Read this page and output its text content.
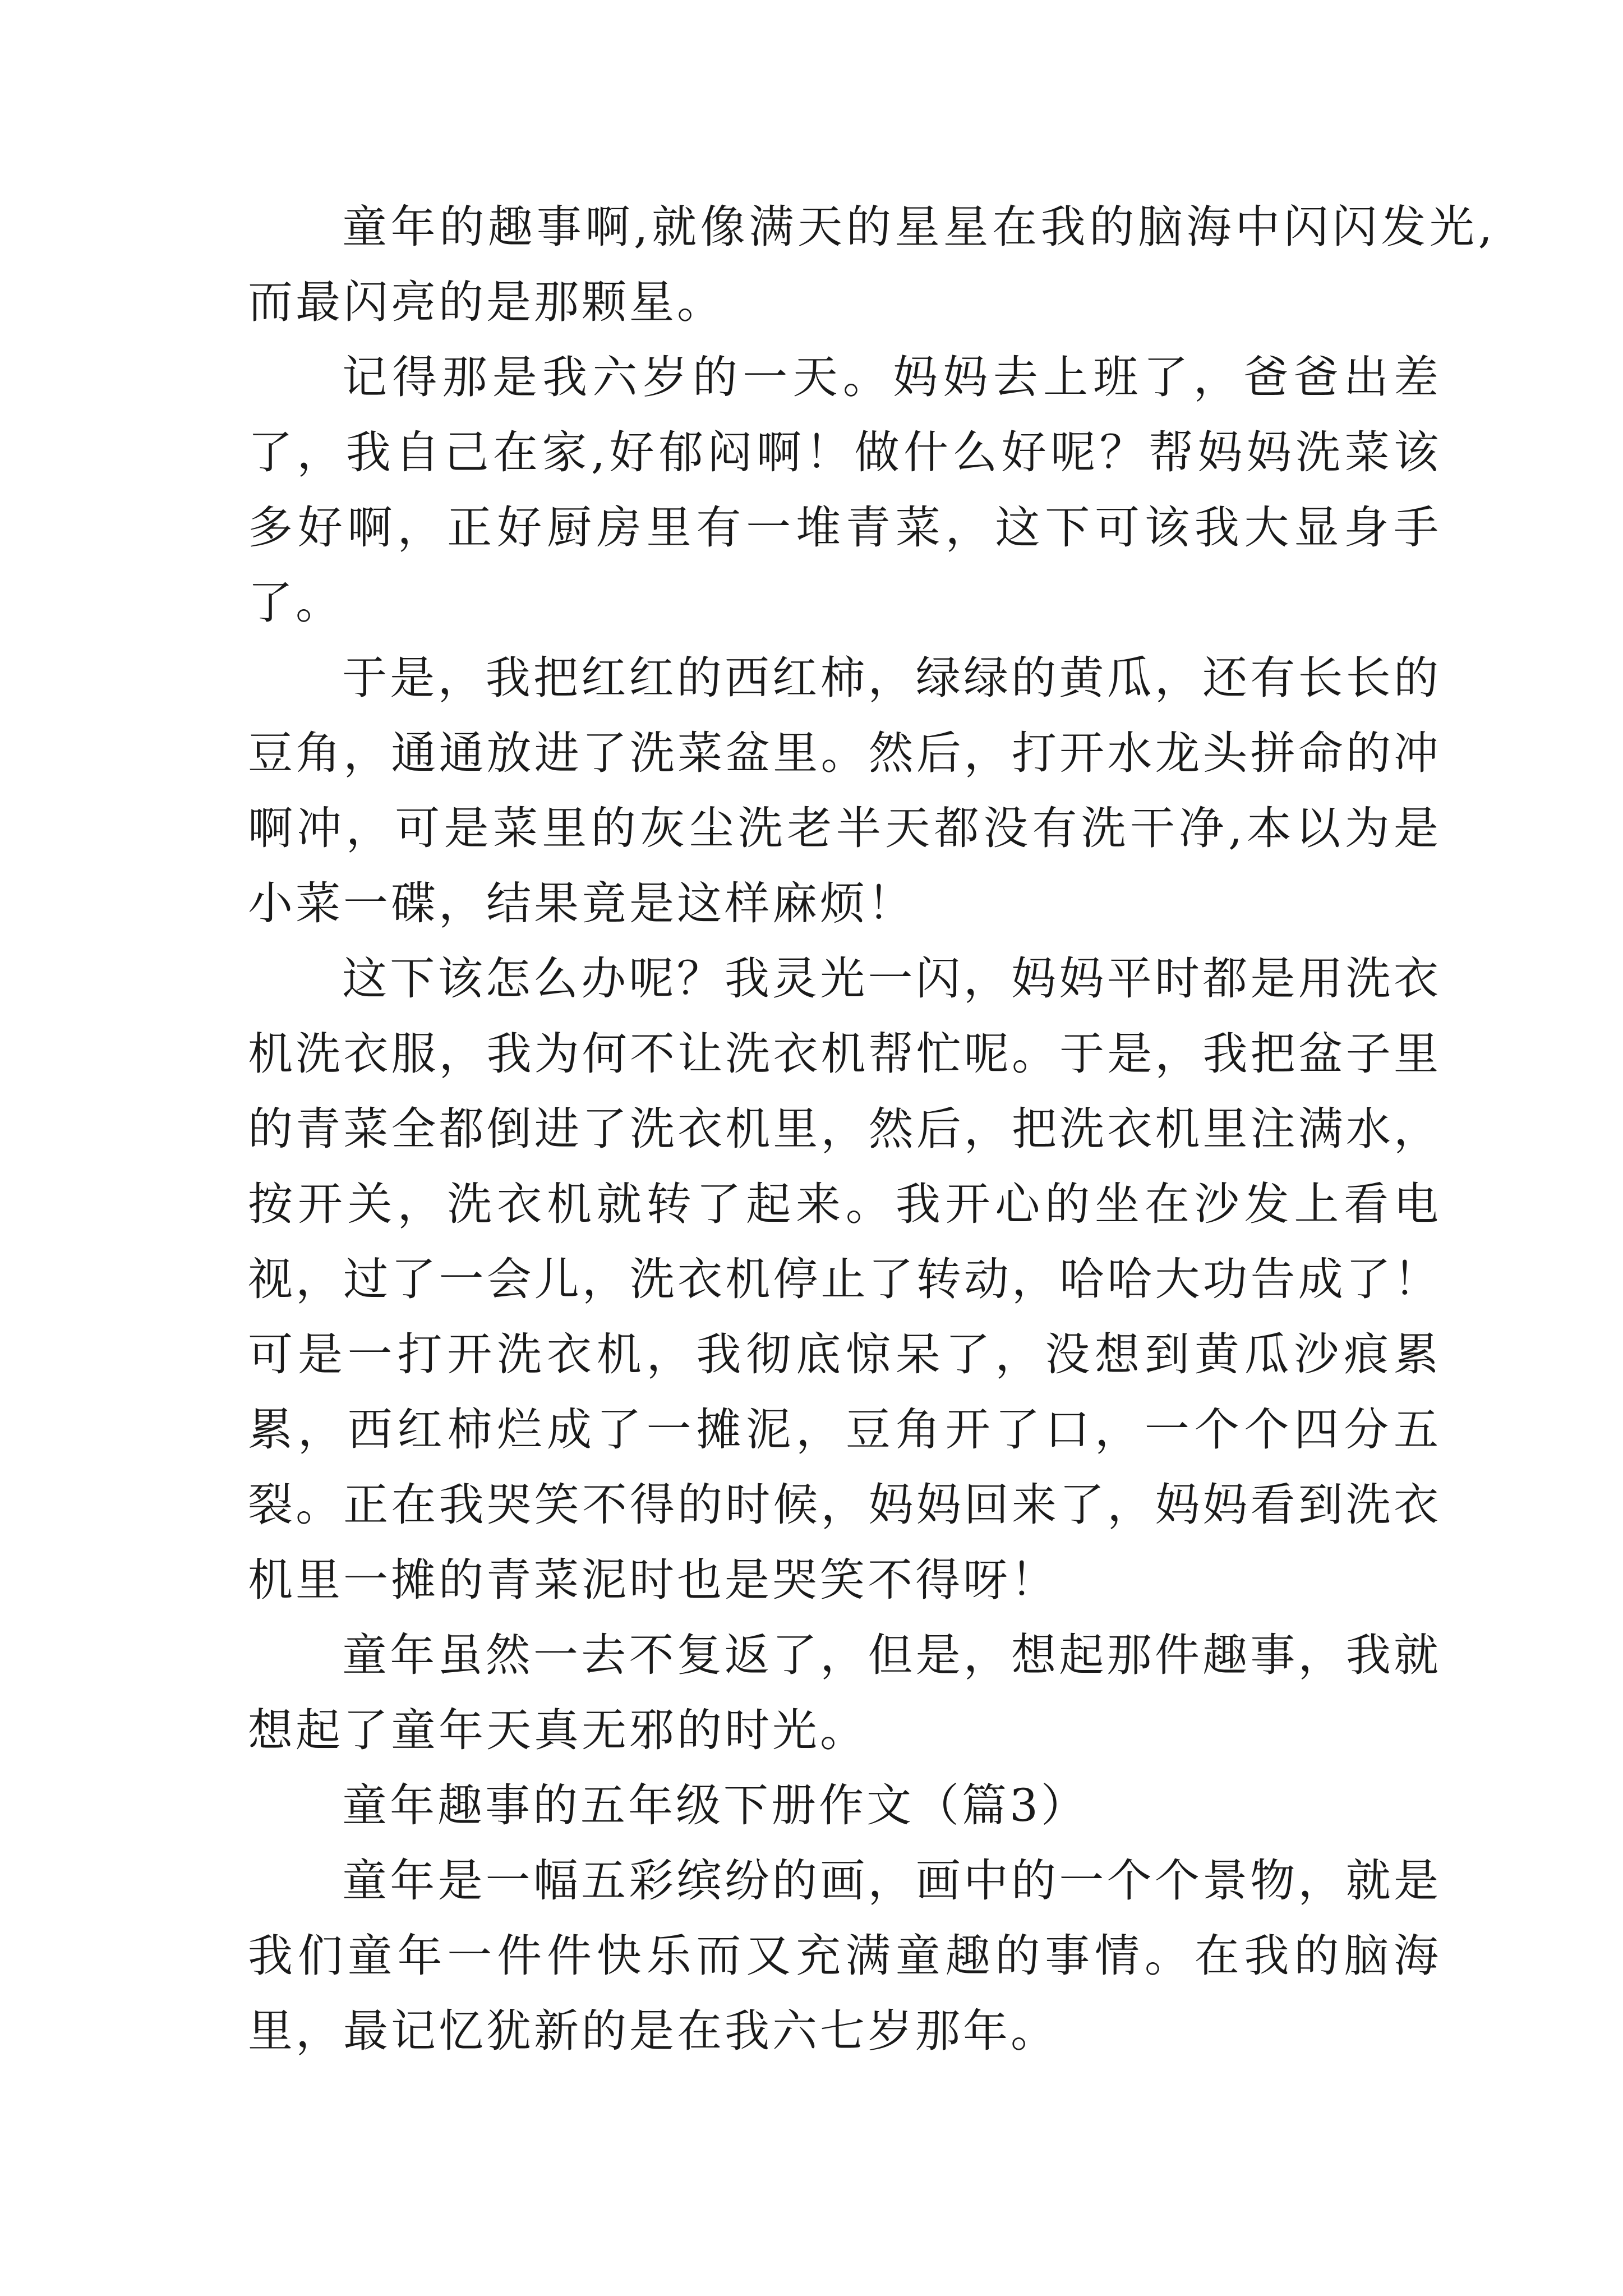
童年的趣事啊,就像满天的星星在我的脑海中闪闪发光,而最闪亮的是那颗星。

记得那是我六岁的一天。妈妈去上班了，爸爸出差了，我自己在家,好郁闷啊！做什么好呢？帮妈妈洗菜该多好啊，正好厨房里有一堆青菜，这下可该我大显身手了。

于是，我把红红的西红柿，绿绿的黄瓜，还有长长的豆角，通通放进了洗菜盆里。然后，打开水龙头拼命的冲啊冲，可是菜里的灰尘洗老半天都没有洗干净,本以为是小菜一碟，结果竟是这样麻烦！

这下该怎么办呢？我灵光一闪，妈妈平时都是用洗衣机洗衣服，我为何不让洗衣机帮忙呢。于是，我把盆子里的青菜全都倒进了洗衣机里，然后，把洗衣机里注满水，按开关，洗衣机就转了起来。我开心的坐在沙发上看电视，过了一会儿，洗衣机停止了转动，哈哈大功告成了！可是一打开洗衣机，我彻底惊呆了，没想到黄瓜沙痕累累，西红柿烂成了一摊泥，豆角开了口，一个个四分五裂。正在我哭笑不得的时候，妈妈回来了，妈妈看到洗衣机里一摊的青菜泥时也是哭笑不得呀！

童年虽然一去不复返了，但是，想起那件趣事，我就想起了童年天真无邪的时光。

童年趣事的五年级下册作文（篇3）

童年是一幅五彩缤纷的画，画中的一个个景物，就是我们童年一件件快乐而又充满童趣的事情。在我的脑海里，最记忆犹新的是在我六七岁那年。
